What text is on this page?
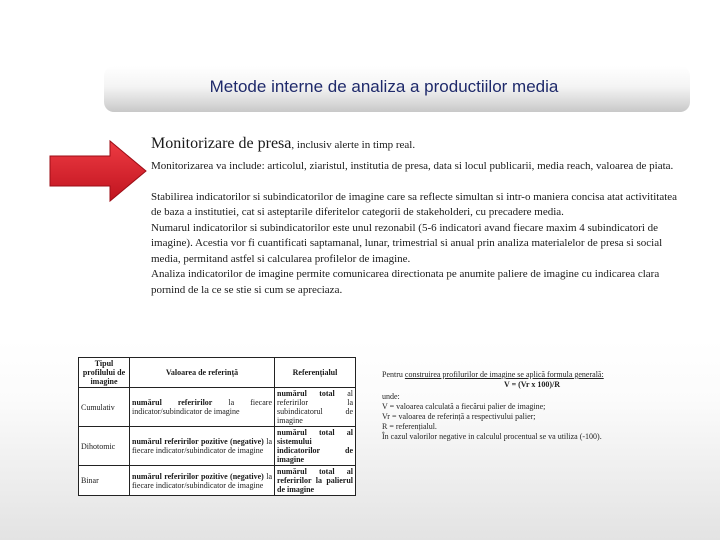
Metode interne de analiza a productiilor media
Monitorizare de presa, inclusiv alerte in timp real.

Monitorizarea va include: articolul, ziaristul, institutia de presa, data si locul publicarii, media reach, valoarea de piata.

Stabilirea indicatorilor si subindicatorilor de imagine care sa reflecte simultan si intr-o maniera concisa atat activititatea de baza a institutiei, cat si asteptarile diferitelor categorii de stakeholderi, cu precadere media.

Numarul indicatorilor si subindicatorilor este unul rezonabil (5-6 indicatori avand fiecare maxim 4 subindicatori de imagine). Acestia vor fi cuantificati saptamanal, lunar, trimestrial si anual prin analiza materialelor de presa si social media, permitand astfel si calcularea profilelor de imagine.

Analiza indicatorilor de imagine permite comunicarea directionata pe anumite paliere de imagine cu indicarea clara pornind de la ce se stie si cum se apreciaza.

Tipul profilului de imagine	Valoarea de referință	Referențialul
Cumulativ	numărul referirilor la fiecare indicator/subindicator de imagine	numărul total al referirilor la subindicatorul de imagine
Dihotomic	numărul referirilor pozitive (negative) la fiecare indicator/subindicator de imagine	numărul total al sistemului indicatorilor de imagine
Binar	numărul referirilor pozitive (negative) la fiecare indicator/subindicator de imagine	numărul total al referirilor la palierul de imagine
Pentru construirea profilurilor de imagine se aplică formula generală:
V = (Vr x 100)/R
unde:
V = valoarea calculată a fiecărui palier de imagine;
Vr = valoarea de referință a respectivului palier;
R = referențialul.
În cazul valorilor negative in calculul procentual se va utiliza (-100).
